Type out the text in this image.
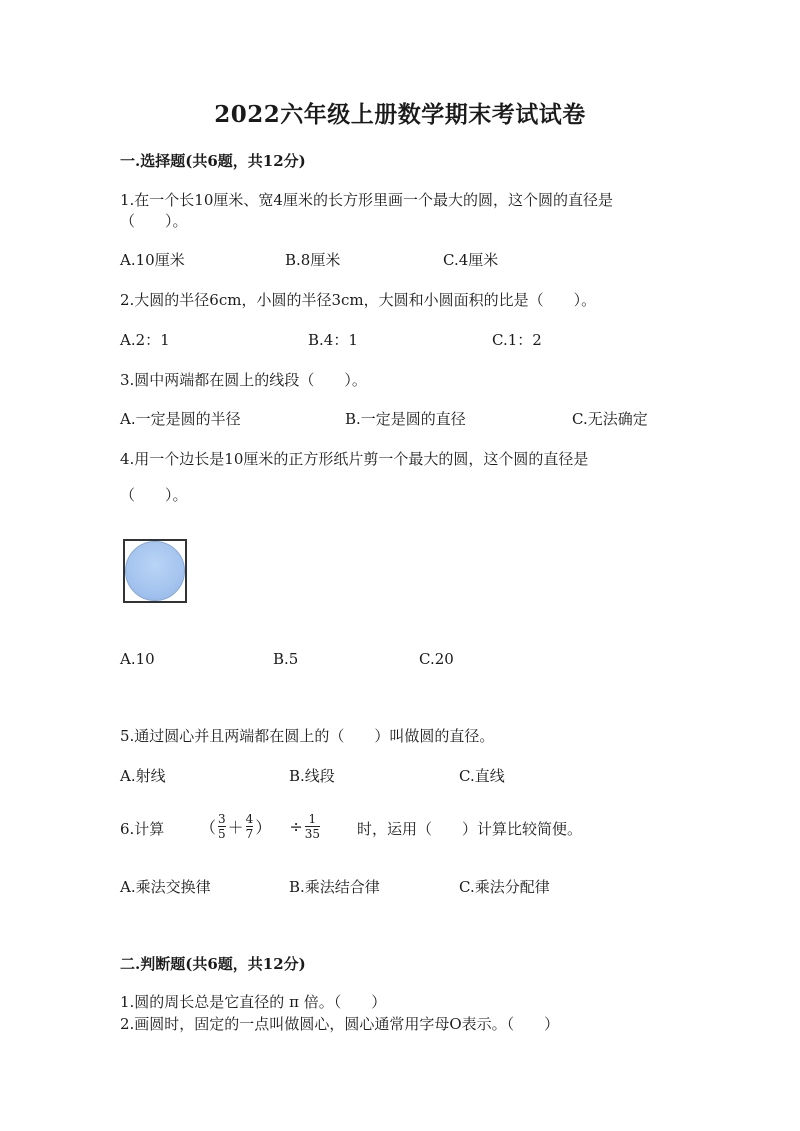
2022六年级上册数学期末考试试卷
一.选择题(共6题，共12分)
1.在一个长10厘米、宽4厘米的长方形里画一个最大的圆，这个圆的直径是
（　　）。
A.10厘米	B.8厘米	C.4厘米
2.大圆的半径6cm，小圆的半径3cm，大圆和小圆面积的比是（　　）。
A.2：1	B.4：1	C.1：2
3.圆中两端都在圆上的线段（　　）。
A.一定是圆的半径	B.一定是圆的直径	C.无法确定
4.用一个边长是10厘米的正方形纸片剪一个最大的圆，这个圆的直径是
（　　）。
A.10	B.5	C.20
5.通过圆心并且两端都在圆上的（　　）叫做圆的直径。
A.射线	B.线段	C.直线
6.计算 （ $\frac{3}{5} + \frac{4}{7}$ ） ÷ $\frac{1}{35}$ 时，运用（　　）计算比较简便。
A.乘法交换律	B.乘法结合律	C.乘法分配律
二.判断题(共6题，共12分)
1.圆的周长总是它直径的 π 倍。（　　）
2.画圆时，固定的一点叫做圆心，圆心通常用字母O表示。（　　）
